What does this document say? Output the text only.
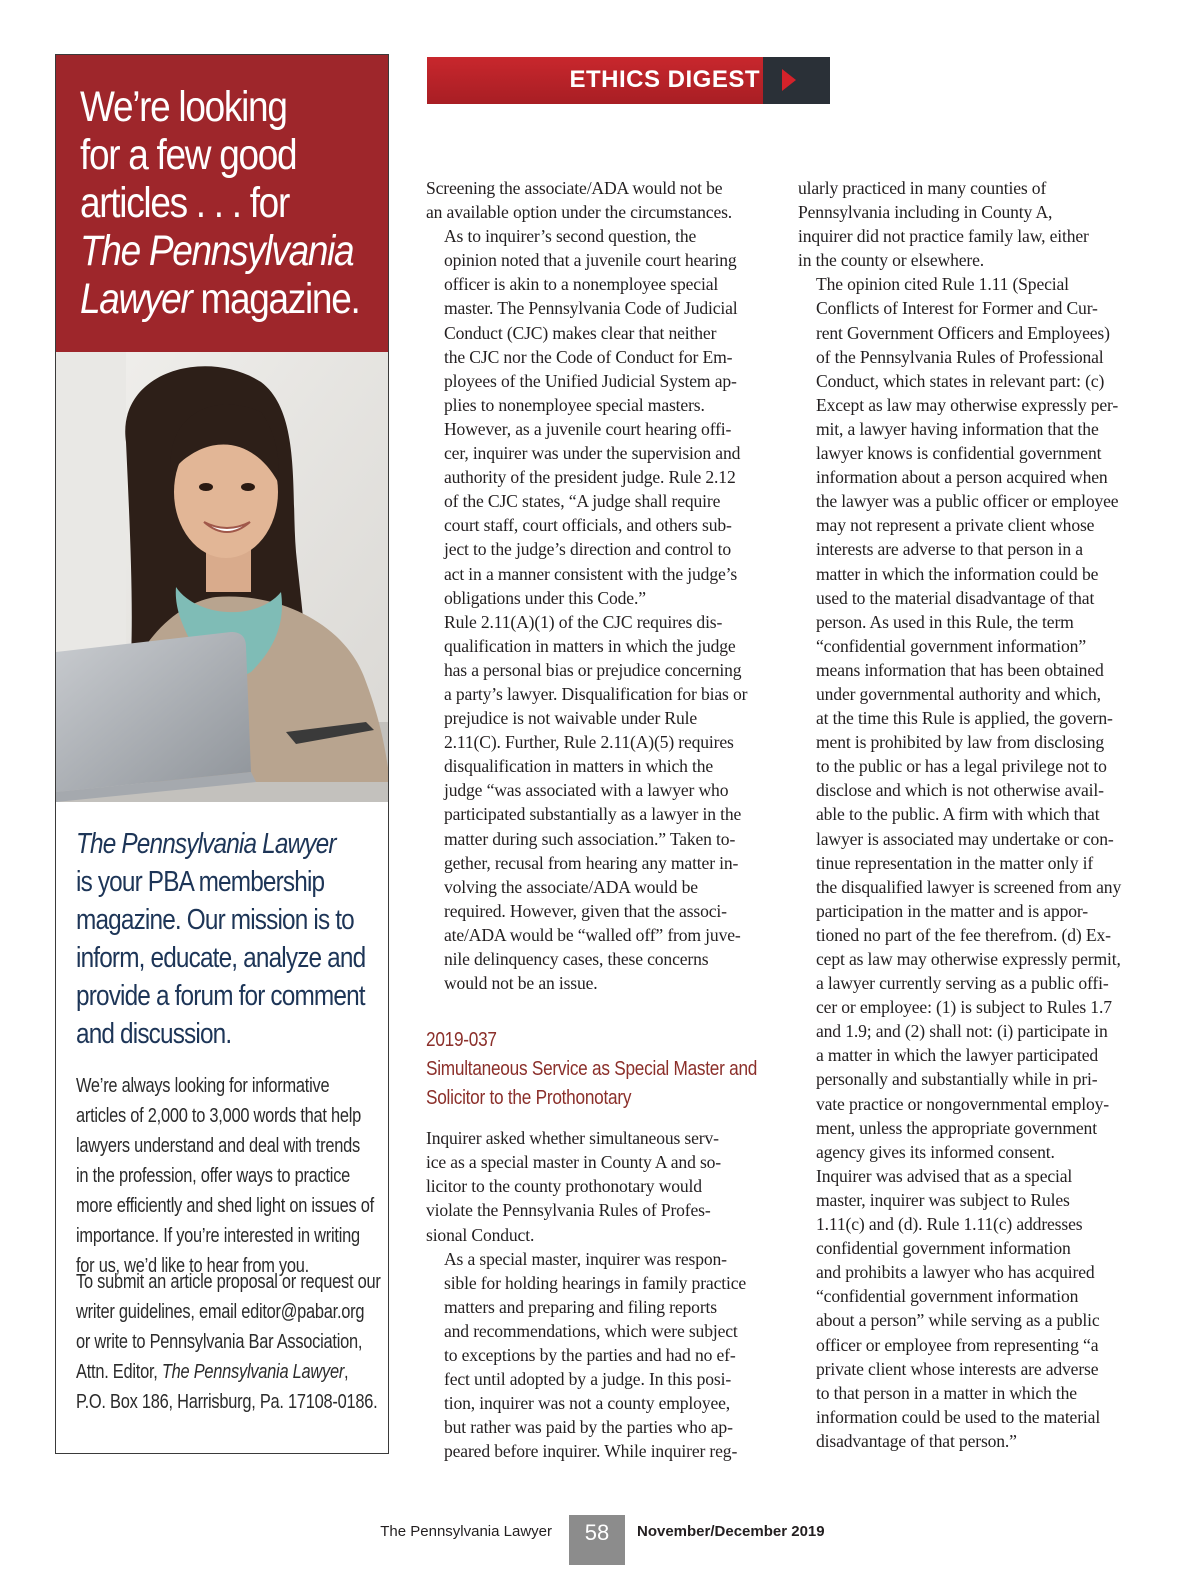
We’re looking
for a few good
articles . . . for
The Pennsylvania
Lawyer magazine.
The Pennsylvania Lawyer
is your PBA membership
magazine. Our mission is to
inform, educate, analyze and
provide a forum for comment
and discussion.
We’re always looking for informative
articles of 2,000 to 3,000 words that help
lawyers understand and deal with trends
in the profession, offer ways to practice
more efficiently and shed light on issues of
importance. If you’re interested in writing
for us, we’d like to hear from you.
To submit an article proposal or request our
writer guidelines, email editor@pabar.org
or write to Pennsylvania Bar Association,
Attn. Editor, The Pennsylvania Lawyer,
P.O. Box 186, Harrisburg, Pa. 17108-0186.
ETHICS DIGEST

Screening the associate/ADA would not be
an available option under the circumstances.

As to inquirer’s second question, the
opinion noted that a juvenile court hearing
officer is akin to a nonemployee special
master. The Pennsylvania Code of Judicial
Conduct (CJC) makes clear that neither
the CJC nor the Code of Conduct for Em-
ployees of the Unified Judicial System ap-
plies to nonemployee special masters.
However, as a juvenile court hearing offi-
cer, inquirer was under the supervision and
authority of the president judge. Rule 2.12
of the CJC states, “A judge shall require
court staff, court officials, and others sub-
ject to the judge’s direction and control to
act in a manner consistent with the judge’s
obligations under this Code.”

Rule 2.11(A)(1) of the CJC requires dis-
qualification in matters in which the judge
has a personal bias or prejudice concerning
a party’s lawyer. Disqualification for bias or
prejudice is not waivable under Rule
2.11(C). Further, Rule 2.11(A)(5) requires
disqualification in matters in which the
judge “was associated with a lawyer who
participated substantially as a lawyer in the
matter during such association.” Taken to-
gether, recusal from hearing any matter in-
volving the associate/ADA would be
required. However, given that the associ-
ate/ADA would be “walled off” from juve-
nile delinquency cases, these concerns
would not be an issue.

2019-037
Simultaneous Service as Special Master and
Solicitor to the Prothonotary

Inquirer asked whether simultaneous serv-
ice as a special master in County A and so-
licitor to the county prothonotary would
violate the Pennsylvania Rules of Profes-
sional Conduct.

As a special master, inquirer was respon-
sible for holding hearings in family practice
matters and preparing and filing reports
and recommendations, which were subject
to exceptions by the parties and had no ef-
fect until adopted by a judge. In this posi-
tion, inquirer was not a county employee,
but rather was paid by the parties who ap-
peared before inquirer. While inquirer reg-

ularly practiced in many counties of
Pennsylvania including in County A,
inquirer did not practice family law, either
in the county or elsewhere.

The opinion cited Rule 1.11 (Special
Conflicts of Interest for Former and Cur-
rent Government Officers and Employees)
of the Pennsylvania Rules of Professional
Conduct, which states in relevant part: (c)
Except as law may otherwise expressly per-
mit, a lawyer having information that the
lawyer knows is confidential government
information about a person acquired when
the lawyer was a public officer or employee
may not represent a private client whose
interests are adverse to that person in a
matter in which the information could be
used to the material disadvantage of that
person. As used in this Rule, the term
“confidential government information”
means information that has been obtained
under governmental authority and which,
at the time this Rule is applied, the govern-
ment is prohibited by law from disclosing
to the public or has a legal privilege not to
disclose and which is not otherwise avail-
able to the public. A firm with which that
lawyer is associated may undertake or con-
tinue representation in the matter only if
the disqualified lawyer is screened from any
participation in the matter and is appor-
tioned no part of the fee therefrom. (d) Ex-
cept as law may otherwise expressly permit,
a lawyer currently serving as a public offi-
cer or employee: (1) is subject to Rules 1.7
and 1.9; and (2) shall not: (i) participate in
a matter in which the lawyer participated
personally and substantially while in pri-
vate practice or nongovernmental employ-
ment, unless the appropriate government
agency gives its informed consent.

Inquirer was advised that as a special
master, inquirer was subject to Rules
1.11(c) and (d). Rule 1.11(c) addresses
confidential government information
and prohibits a lawyer who has acquired
“confidential government information
about a person” while serving as a public
officer or employee from representing “a
private client whose interests are adverse
to that person in a matter in which the
information could be used to the material
disadvantage of that person.”

The Pennsylvania Lawyer	58	November/December 2019
